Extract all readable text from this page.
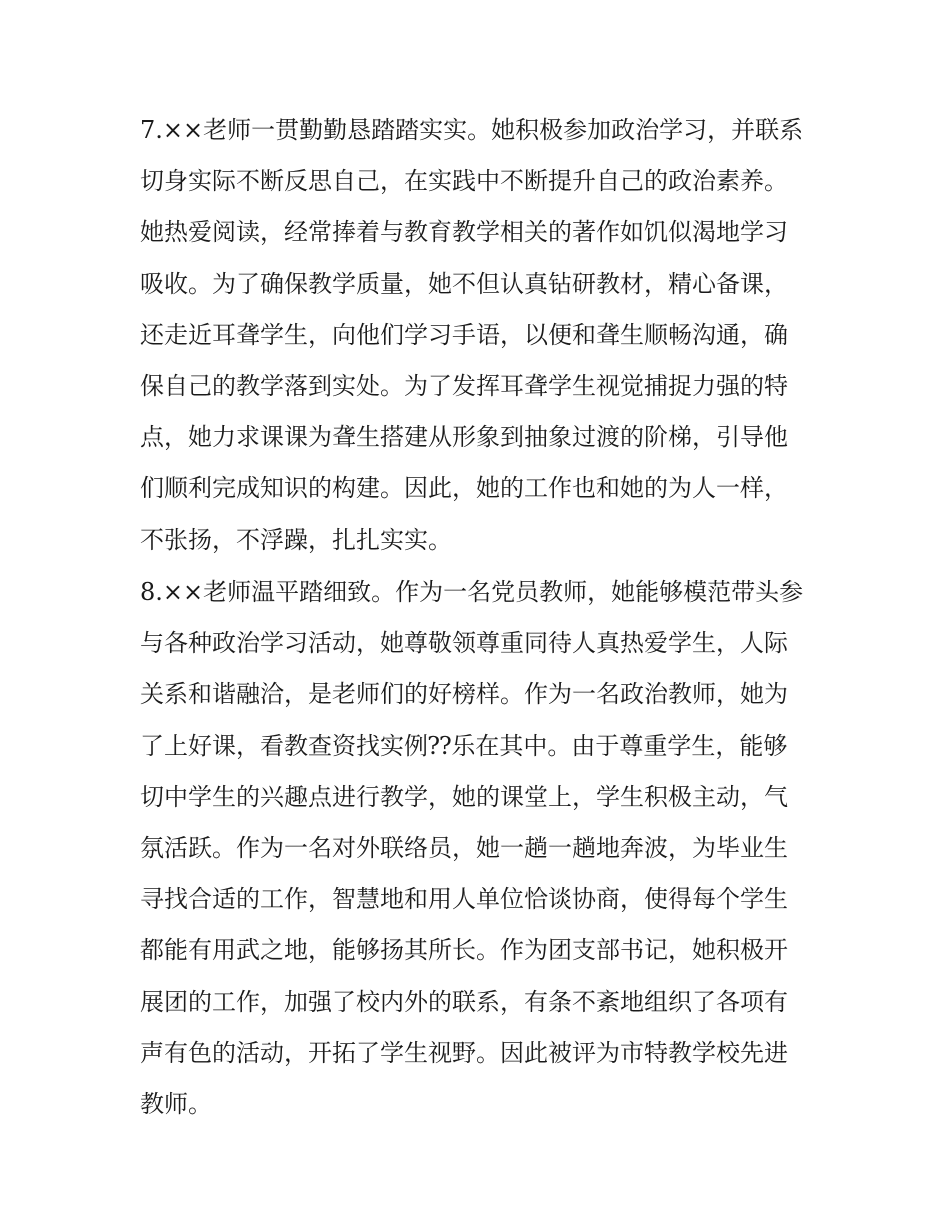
7.××老师一贯勤勤恳踏踏实实。她积极参加政治学习，并联系
切身实际不断反思自己，在实践中不断提升自己的政治素养。
她热爱阅读，经常捧着与教育教学相关的著作如饥似渴地学习
吸收。为了确保教学质量，她不但认真钻研教材，精心备课，
还走近耳聋学生，向他们学习手语，以便和聋生顺畅沟通，确
保自己的教学落到实处。为了发挥耳聋学生视觉捕捉力强的特
点，她力求课课为聋生搭建从形象到抽象过渡的阶梯，引导他
们顺利完成知识的构建。因此，她的工作也和她的为人一样，
不张扬，不浮躁，扎扎实实。
8.××老师温平踏细致。作为一名党员教师，她能够模范带头参
与各种政治学习活动，她尊敬领尊重同待人真热爱学生，人际
关系和谐融洽，是老师们的好榜样。作为一名政治教师，她为
了上好课，看教查资找实例⁇乐在其中。由于尊重学生，能够
切中学生的兴趣点进行教学，她的课堂上，学生积极主动，气
氛活跃。作为一名对外联络员，她一趟一趟地奔波，为毕业生
寻找合适的工作，智慧地和用人单位恰谈协商，使得每个学生
都能有用武之地，能够扬其所长。作为团支部书记，她积极开
展团的工作，加强了校内外的联系，有条不紊地组织了各项有
声有色的活动，开拓了学生视野。因此被评为市特教学校先进
教师。
